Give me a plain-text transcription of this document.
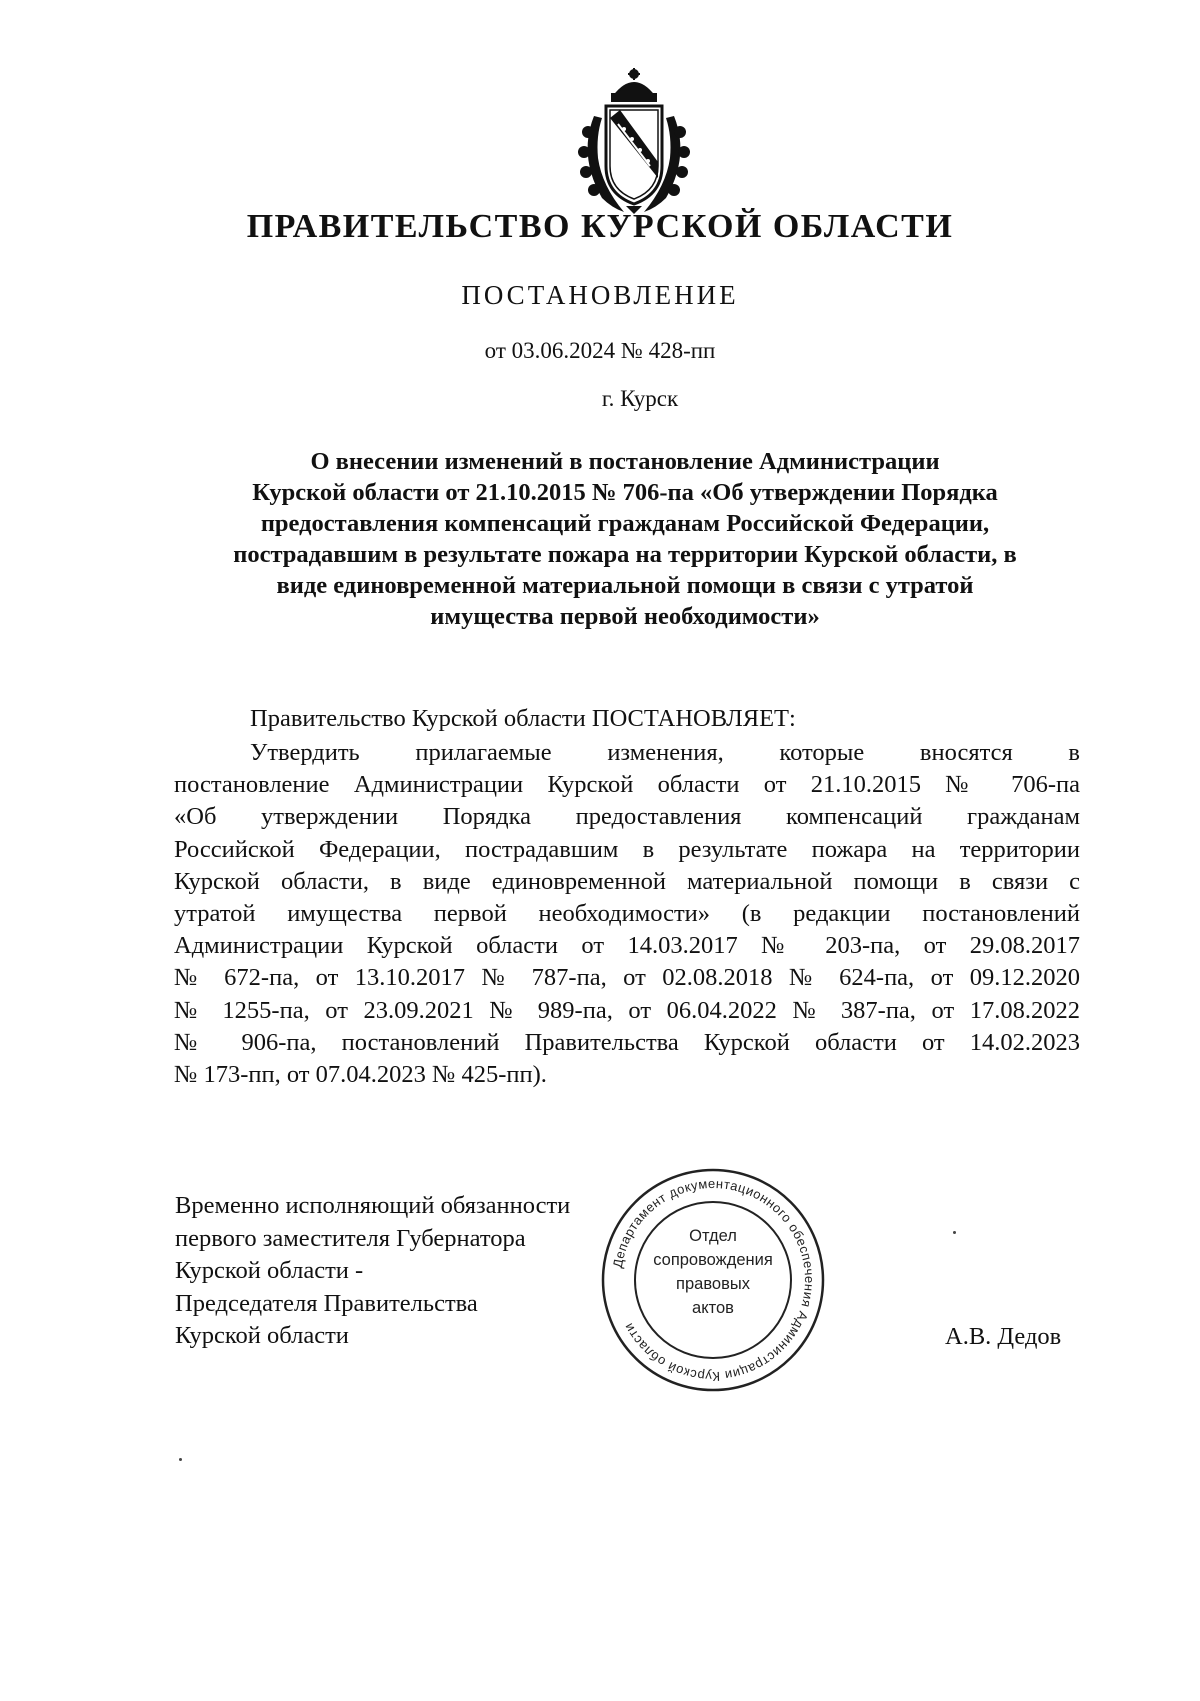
ПРАВИТЕЛЬСТВО КУРСКОЙ ОБЛАСТИ
ПОСТАНОВЛЕНИЕ
от 03.06.2024 № 428-пп
г. Курск
О внесении изменений в постановление Администрации
Курской области от 21.10.2015 № 706-па «Об утверждении Порядка
предоставления компенсаций гражданам Российской Федерации,
пострадавшим в результате пожара на территории Курской области, в
виде единовременной материальной помощи в связи с утратой
имущества первой необходимости»
Правительство Курской области ПОСТАНОВЛЯЕТ:
Утвердить прилагаемые изменения, которые вносятся в
постановление Администрации Курской области от 21.10.2015 № 706-па
«Об утверждении Порядка предоставления компенсаций гражданам
Российской Федерации, пострадавшим в результате пожара на территории
Курской области, в виде единовременной материальной помощи в связи с
утратой имущества первой необходимости» (в редакции постановлений
Администрации Курской области от 14.03.2017 № 203-па, от 29.08.2017
№ 672-па, от 13.10.2017 № 787-па, от 02.08.2018 № 624-па, от 09.12.2020
№ 1255-па, от 23.09.2021 № 989-па, от 06.04.2022 № 387-па, от 17.08.2022
№ 906-па, постановлений Правительства Курской области от 14.02.2023
№ 173-пп, от 07.04.2023 № 425-пп).
Временно исполняющий обязанности
первого заместителя Губернатора
Курской области -
Председателя Правительства
Курской области
Департамент документационного обеспечения Администрации Курской области
Отдел
сопровождения
правовых
актов
А.В. Дедов
